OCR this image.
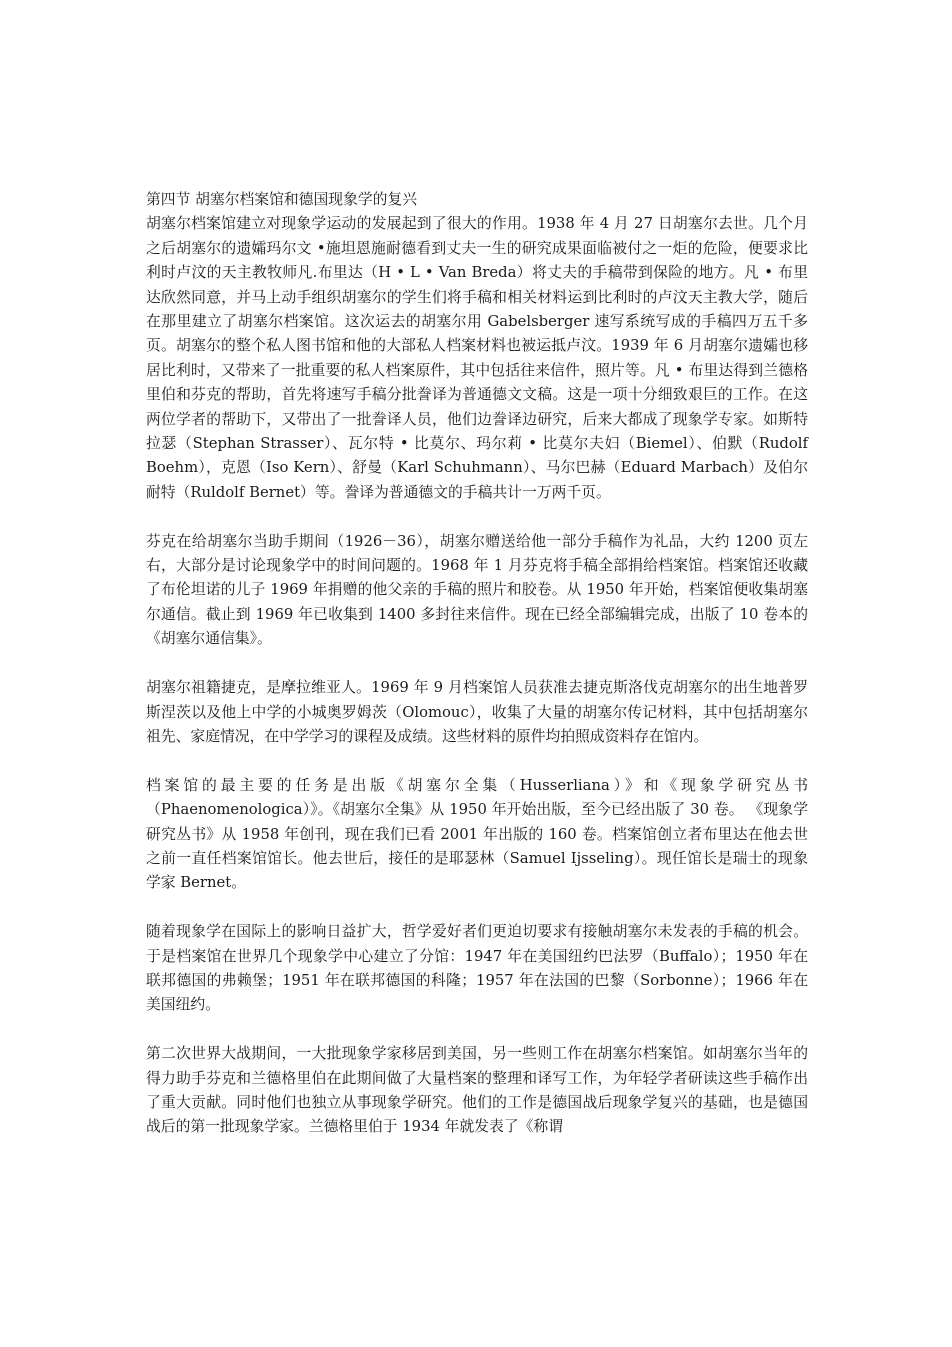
第四节 胡塞尔档案馆和德国现象学的复兴

胡塞尔档案馆建立对现象学运动的发展起到了很大的作用。1938 年 4 月 27 日胡塞尔去世。几个月之后胡塞尔的遗孀玛尔文 •施坦恩施耐德看到丈夫一生的研究成果面临被付之一炬的危险，便要求比利时卢汶的天主教牧师凡.布里达（H • L • Van Breda）将丈夫的手稿带到保险的地方。凡 • 布里达欣然同意，并马上动手组织胡塞尔的学生们将手稿和相关材料运到比利时的卢汶天主教大学，随后在那里建立了胡塞尔档案馆。这次运去的胡塞尔用 Gabelsberger 速写系统写成的手稿四万五千多页。胡塞尔的整个私人图书馆和他的大部私人档案材料也被运抵卢汶。1939 年 6 月胡塞尔遗孀也移居比利时，又带来了一批重要的私人档案原件，其中包括往来信件，照片等。凡 • 布里达得到兰德格里伯和芬克的帮助，首先将速写手稿分批誊译为普通德文文稿。这是一项十分细致艰巨的工作。在这两位学者的帮助下，又带出了一批誊译人员，他们边誊译边研究，后来大都成了现象学专家。如斯特拉瑟（Stephan Strasser）、瓦尔特 • 比莫尔、玛尔莉 • 比莫尔夫妇（Biemel）、伯默（Rudolf Boehm），克恩（Iso Kern）、舒曼（Karl Schuhmann）、马尔巴赫（Eduard Marbach）及伯尔耐特（Ruldolf Bernet）等。誊译为普通德文的手稿共计一万两千页。

芬克在给胡塞尔当助手期间（1926－36），胡塞尔赠送给他一部分手稿作为礼品，大约 1200 页左右，大部分是讨论现象学中的时间问题的。1968 年 1 月芬克将手稿全部捐给档案馆。档案馆还收藏了布伦坦诺的儿子 1969 年捐赠的他父亲的手稿的照片和胶卷。从 1950 年开始，档案馆便收集胡塞尔通信。截止到 1969 年已收集到 1400 多封往来信件。现在已经全部编辑完成，出版了 10 卷本的《胡塞尔通信集》。

胡塞尔祖籍捷克，是摩拉维亚人。1969 年 9 月档案馆人员获准去捷克斯洛伐克胡塞尔的出生地普罗斯涅茨以及他上中学的小城奥罗姆茨（Olomouc），收集了大量的胡塞尔传记材料，其中包括胡塞尔祖先、家庭情况，在中学学习的课程及成绩。这些材料的原件均拍照成资料存在馆内。

档案馆的最主要的任务是出版《胡塞尔全集（Husserliana）》和《现象学研究丛书（Phaenomenologica）》。《胡塞尔全集》从 1950 年开始出版，至今已经出版了 30 卷。 《现象学研究丛书》从 1958 年创刊，现在我们已看 2001 年出版的 160 卷。档案馆创立者布里达在他去世之前一直任档案馆馆长。他去世后，接任的是耶瑟林（Samuel Ijsseling）。现任馆长是瑞士的现象学家 Bernet。

随着现象学在国际上的影响日益扩大，哲学爱好者们更迫切要求有接触胡塞尔未发表的手稿的机会。于是档案馆在世界几个现象学中心建立了分馆：1947 年在美国纽约巴法罗（Buffalo）；1950 年在联邦德国的弗赖堡；1951 年在联邦德国的科隆；1957 年在法国的巴黎（Sorbonne）；1966 年在美国纽约。

第二次世界大战期间，一大批现象学家移居到美国，另一些则工作在胡塞尔档案馆。如胡塞尔当年的得力助手芬克和兰德格里伯在此期间做了大量档案的整理和译写工作，为年轻学者研读这些手稿作出了重大贡献。同时他们也独立从事现象学研究。他们的工作是德国战后现象学复兴的基础，也是德国战后的第一批现象学家。兰德格里伯于 1934 年就发表了《称谓
